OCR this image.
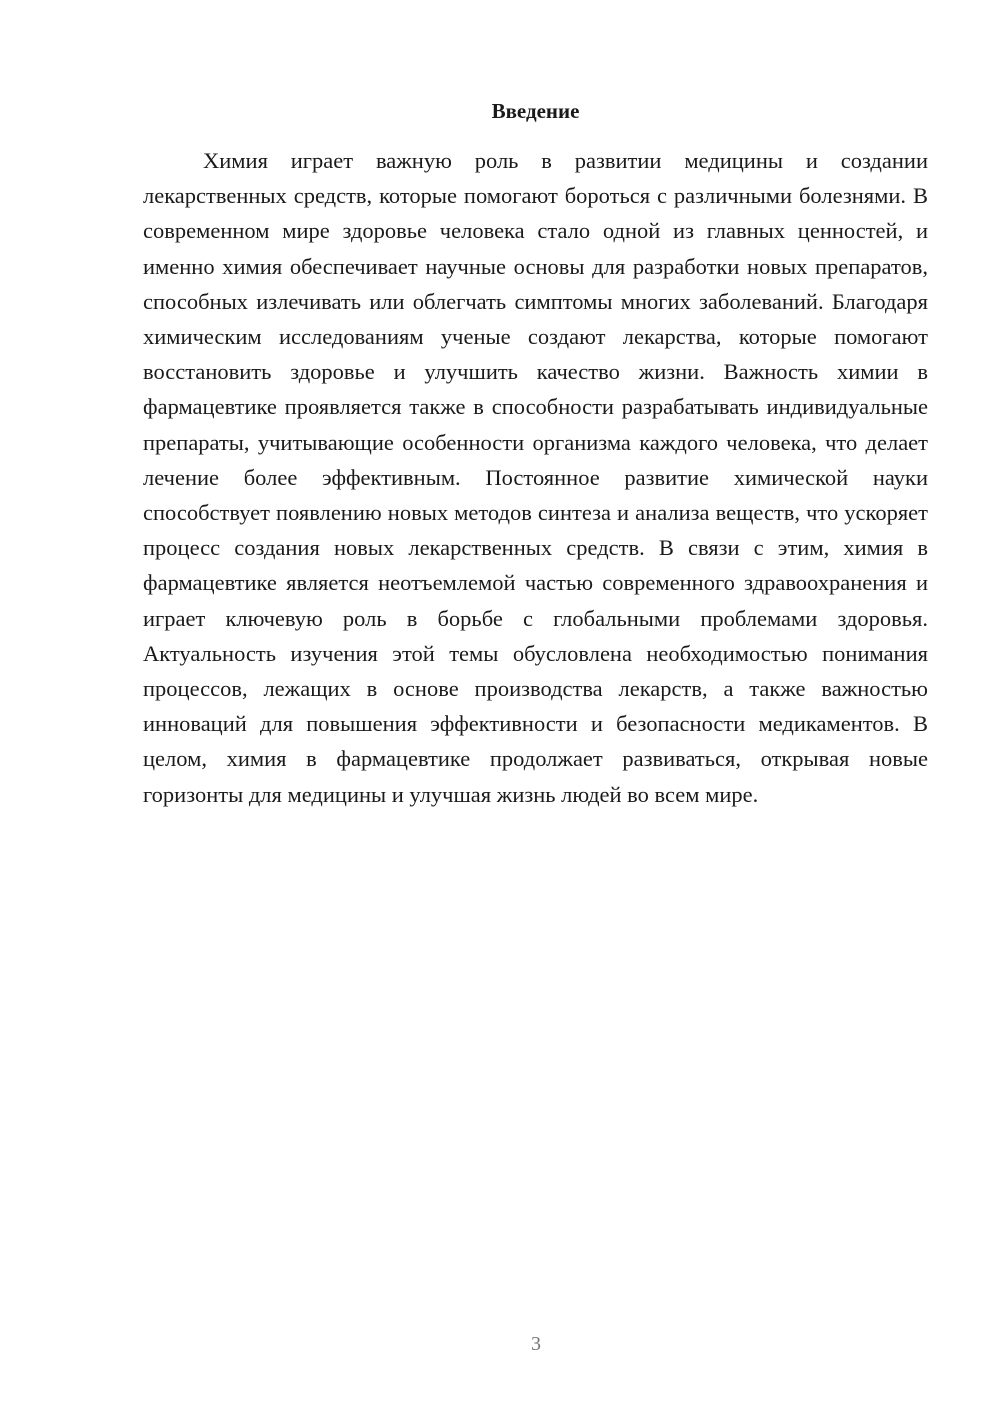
Введение

Химия играет важную роль в развитии медицины и создании лекарственных средств, которые помогают бороться с различными болезнями. В современном мире здоровье человека стало одной из главных ценностей, и именно химия обеспечивает научные основы для разработки новых препаратов, способных излечивать или облегчать симптомы многих заболеваний. Благодаря химическим исследованиям ученые создают лекарства, которые помогают восстановить здоровье и улучшить качество жизни. Важность химии в фармацевтике проявляется также в способности разрабатывать индивидуальные препараты, учитывающие особенности организма каждого человека, что делает лечение более эффективным. Постоянное развитие химической науки способствует появлению новых методов синтеза и анализа веществ, что ускоряет процесс создания новых лекарственных средств. В связи с этим, химия в фармацевтике является неотъемлемой частью современного здравоохранения и играет ключевую роль в борьбе с глобальными проблемами здоровья. Актуальность изучения этой темы обусловлена необходимостью понимания процессов, лежащих в основе производства лекарств, а также важностью инноваций для повышения эффективности и безопасности медикаментов. В целом, химия в фармацевтике продолжает развиваться, открывая новые горизонты для медицины и улучшая жизнь людей во всем мире.

3
